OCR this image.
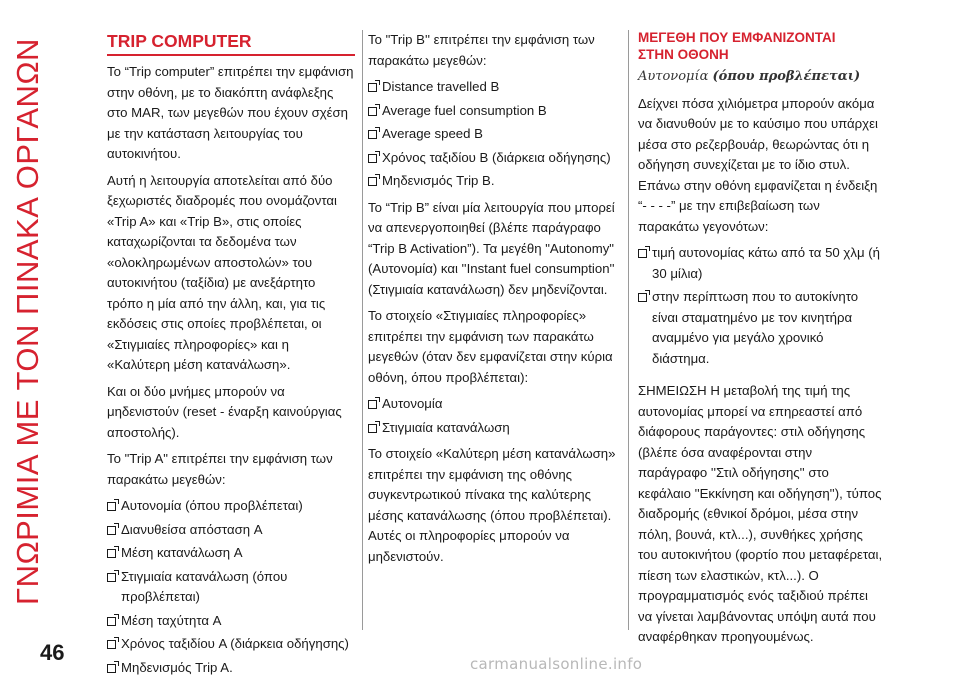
ΓΝΩΡΙΜΙΑ ΜΕ ΤΟΝ ΠΙΝΑΚΑ ΟΡΓΑΝΩΝ	TRIP COMPUTER

Το “Trip computer” επιτρέπει την εμφάνιση στην οθόνη, με το διακόπτη ανάφλεξης στο MAR, των μεγεθών που έχουν σχέση με την κατάσταση λειτουργίας του αυτοκινήτου.

Αυτή η λειτουργία αποτελείται από δύο ξεχωριστές διαδρομές που ονομάζονται «Trip A» και «Trip B», στις οποίες καταχωρίζονται τα δεδομένα των «ολοκληρωμένων αποστολών» του αυτοκινήτου (ταξίδια) με ανεξάρτητο τρόπο η μία από την άλλη, και, για τις εκδόσεις στις οποίες προβλέπεται, οι «Στιγμιαίες πληροφορίες» και η «Καλύτερη μέση κατανάλωση».

Και οι δύο μνήμες μπορούν να μηδενιστούν (reset - έναρξη καινούργιας αποστολής).

Το "Trip A" επιτρέπει την εμφάνιση των παρακάτω μεγεθών:

Αυτονομία (όπου προβλέπεται)
Διανυθείσα απόσταση A
Μέση κατανάλωση A
Στιγμιαία κατανάλωση (όπου προβλέπεται)
Μέση ταχύτητα A
Χρόνος ταξιδίου A (διάρκεια οδήγησης)
Μηδενισμός Trip A.

Το "Trip B'' επιτρέπει την εμφάνιση των παρακάτω μεγεθών:

Distance travelled B
Average fuel consumption B
Average speed B
Χρόνος ταξιδίου B (διάρκεια οδήγησης)
Μηδενισμός Trip B.

Το “Trip B” είναι μία λειτουργία που μπορεί να απενεργοποιηθεί (βλέπε παράγραφο “Trip B Activation”). Τα μεγέθη "Autonomy" (Αυτονομία) και ''Instant fuel consumption'' (Στιγμιαία κατανάλωση) δεν μηδενίζονται.

Το στοιχείο «Στιγμιαίες πληροφορίες» επιτρέπει την εμφάνιση των παρακάτω μεγεθών (όταν δεν εμφανίζεται στην κύρια οθόνη, όπου προβλέπεται):

Αυτονομία
Στιγμιαία κατανάλωση

Το στοιχείο «Καλύτερη μέση κατανάλωση» επιτρέπει την εμφάνιση της οθόνης συγκεντρωτικού πίνακα της καλύτερης μέσης κατανάλωσης (όπου προβλέπεται). Αυτές οι πληροφορίες μπορούν να μηδενιστούν.

ΜΕΓΕΘΗ ΠΟΥ ΕΜΦΑΝΙΖΟΝΤΑΙ
ΣΤΗΝ ΟΘΟΝΗ
Αυτονομία (όπου προβλέπεται)

Δείχνει πόσα χιλιόμετρα μπορούν ακόμα να διανυθούν με το καύσιμο που υπάρχει μέσα στο ρεζερβουάρ, θεωρώντας ότι η οδήγηση συνεχίζεται με το ίδιο στυλ. Επάνω στην οθόνη εμφανίζεται η ένδειξη “- - - -” με την επιβεβαίωση των παρακάτω γεγονότων:

τιμή αυτονομίας κάτω από τα 50 χλμ (ή 30 μίλια)
στην περίπτωση που το αυτοκίνητο είναι σταματημένο με τον κινητήρα αναμμένο για μεγάλο χρονικό διάστημα.

ΣΗΜΕΙΩΣΗ Η μεταβολή της τιμή της αυτονομίας μπορεί να επηρεαστεί από διάφορους παράγοντες: στιλ οδήγησης (βλέπε όσα αναφέρονται στην παράγραφο ''Στιλ οδήγησης'' στο κεφάλαιο ''Εκκίνηση και οδήγηση''), τύπος διαδρομής (εθνικοί δρόμοι, μέσα στην πόλη, βουνά, κτλ...), συνθήκες χρήσης του αυτοκινήτου (φορτίο που μεταφέρεται, πίεση των ελαστικών, κτλ...). Ο προγραμματισμός ενός ταξιδιού πρέπει να γίνεται λαμβάνοντας υπόψη αυτά που αναφέρθηκαν προηγουμένως.

46	carmanualsonline.info
